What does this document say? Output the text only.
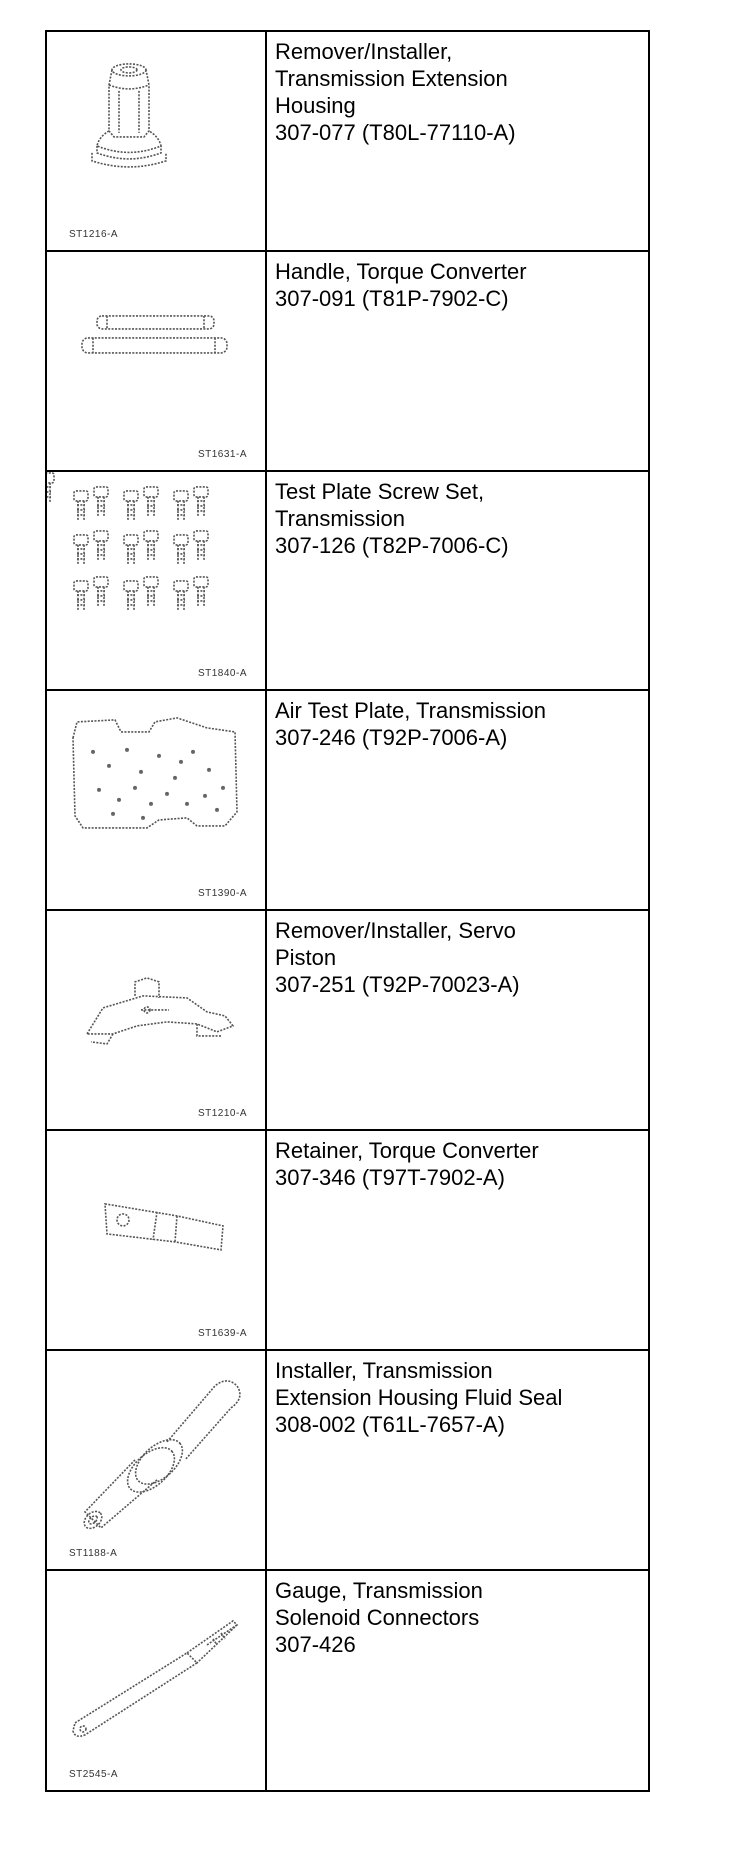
ST1216-A
Remover/Installer,
Transmission Extension
Housing
307-077 (T80L-77110-A)
ST1631-A
Handle, Torque Converter
307-091 (T81P-7902-C)
ST1840-A
Test Plate Screw Set,
Transmission
307-126 (T82P-7006-C)
ST1390-A
Air Test Plate, Transmission
307-246 (T92P-7006-A)
ST1210-A
Remover/Installer, Servo
Piston
307-251 (T92P-70023-A)
ST1639-A
Retainer, Torque Converter
307-346 (T97T-7902-A)
ST1188-A
Installer, Transmission
Extension Housing Fluid Seal
308-002 (T61L-7657-A)
ST2545-A
Gauge, Transmission
Solenoid Connectors
307-426
